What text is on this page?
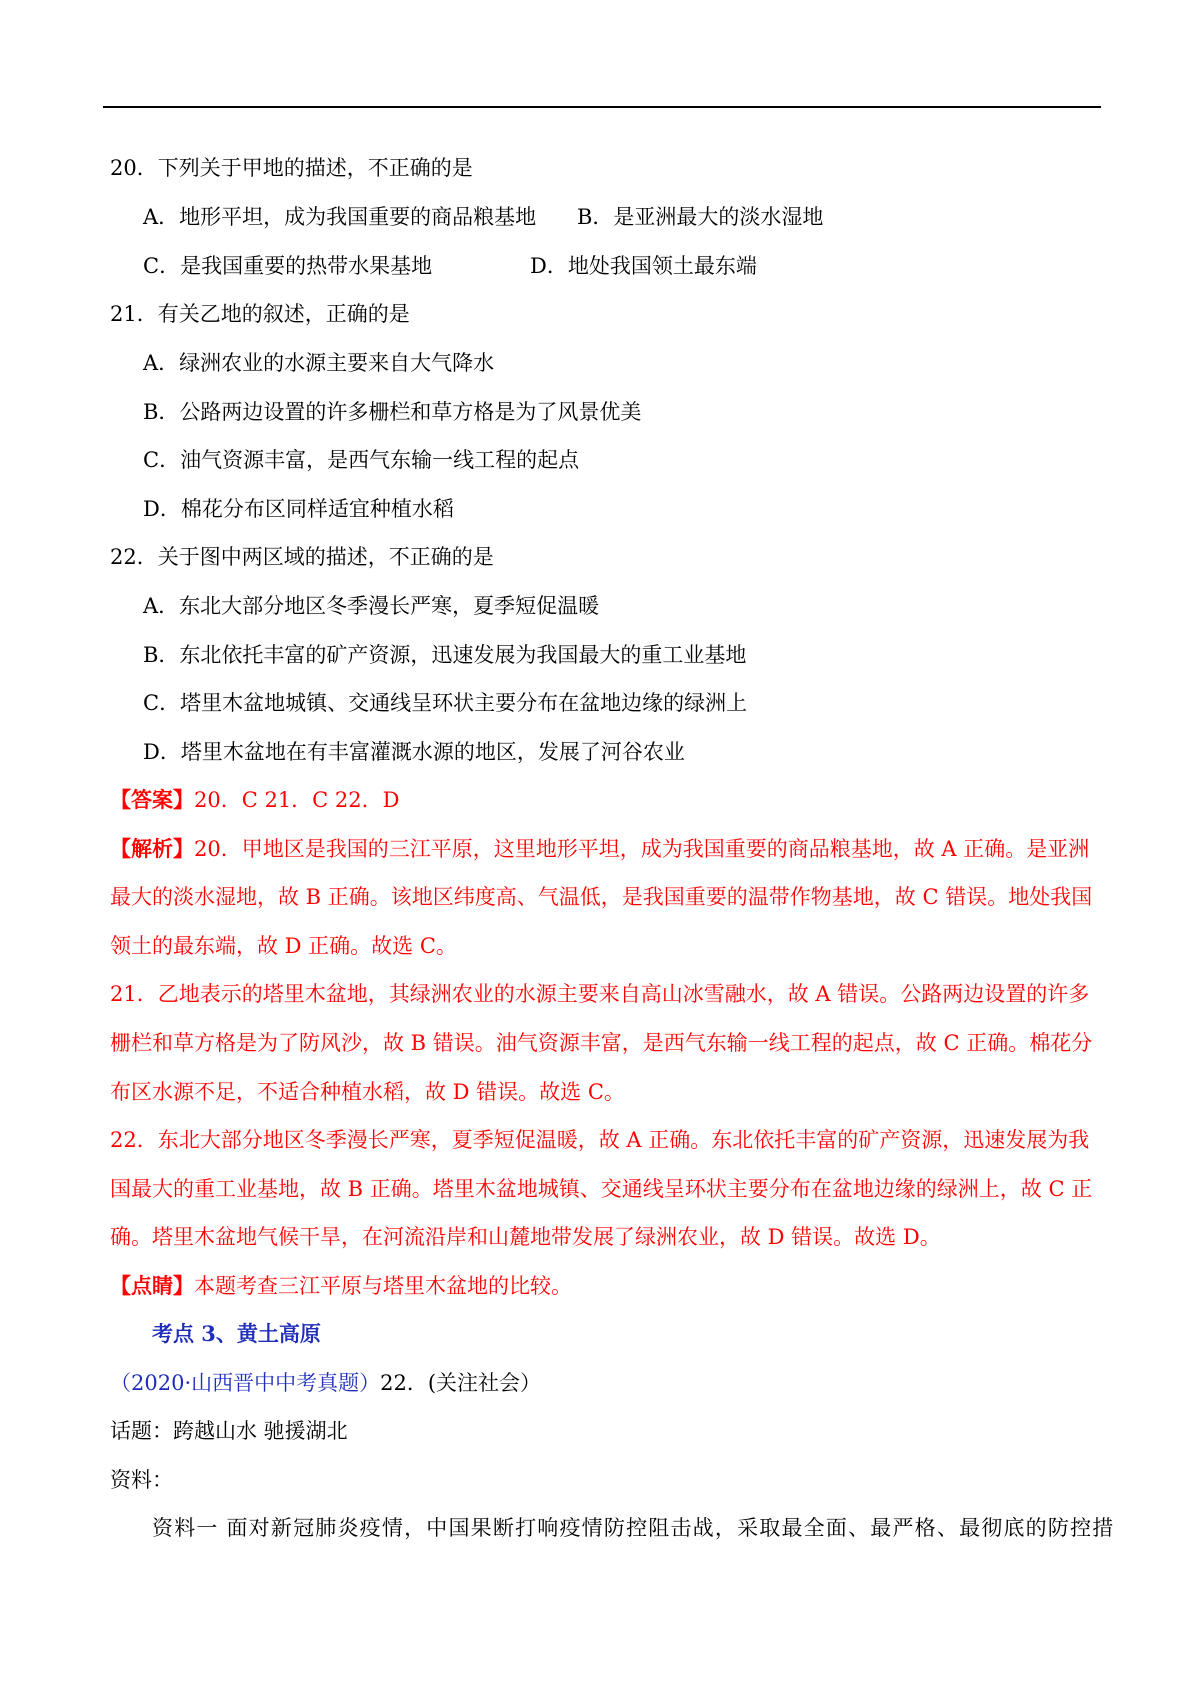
20．下列关于甲地的描述，不正确的是
A．地形平坦，成为我国重要的商品粮基地 B．是亚洲最大的淡水湿地
C．是我国重要的热带水果基地	D．地处我国领土最东端
21．有关乙地的叙述，正确的是
A．绿洲农业的水源主要来自大气降水
B．公路两边设置的许多栅栏和草方格是为了风景优美
C．油气资源丰富，是西气东输一线工程的起点
D．棉花分布区同样适宜种植水稻
22．关于图中两区域的描述，不正确的是
A．东北大部分地区冬季漫长严寒，夏季短促温暖
B．东北依托丰富的矿产资源，迅速发展为我国最大的重工业基地
C．塔里木盆地城镇、交通线呈环状主要分布在盆地边缘的绿洲上
D．塔里木盆地在有丰富灌溉水源的地区，发展了河谷农业
【答案】20．C 21．C 22．D
【解析】20．甲地区是我国的三江平原，这里地形平坦，成为我国重要的商品粮基地，故 A 正确。是亚洲
最大的淡水湿地，故 B 正确。该地区纬度高、气温低，是我国重要的温带作物基地，故 C 错误。地处我国
领土的最东端，故 D 正确。故选 C。
21．乙地表示的塔里木盆地，其绿洲农业的水源主要来自高山冰雪融水，故 A 错误。公路两边设置的许多
栅栏和草方格是为了防风沙，故 B 错误。油气资源丰富，是西气东输一线工程的起点，故 C 正确。棉花分
布区水源不足，不适合种植水稻，故 D 错误。故选 C。
22．东北大部分地区冬季漫长严寒，夏季短促温暖，故 A 正确。东北依托丰富的矿产资源，迅速发展为我
国最大的重工业基地，故 B 正确。塔里木盆地城镇、交通线呈环状主要分布在盆地边缘的绿洲上，故 C 正
确。塔里木盆地气候干旱，在河流沿岸和山麓地带发展了绿洲农业，故 D 错误。故选 D。
【点睛】本题考查三江平原与塔里木盆地的比较。
考点 3、黄土高原
（2020·山西晋中中考真题）22．(关注社会）
话题：跨越山水 驰援湖北
资料：
资料一 面对新冠肺炎疫情，中国果断打响疫情防控阻击战，采取最全面、最严格、最彻底的防控措
